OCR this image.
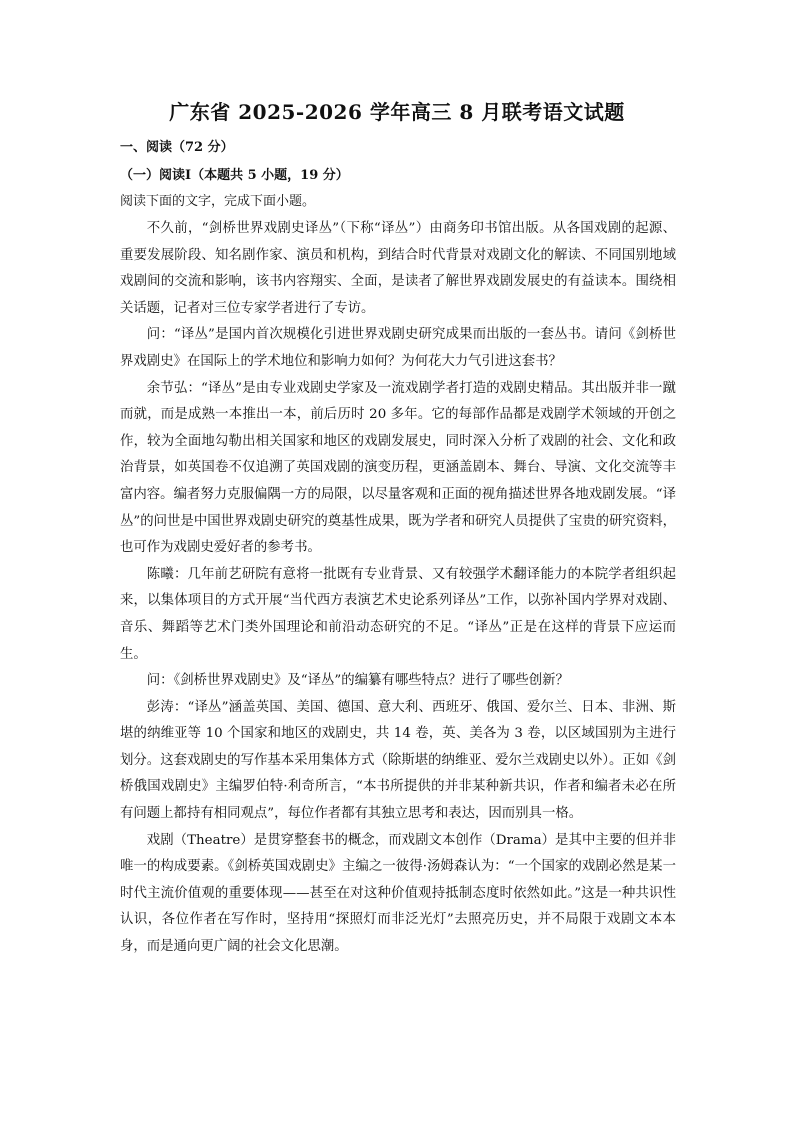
广东省 2025-2026 学年高三 8 月联考语文试题
一、阅读（72 分）
（一）阅读Ⅰ（本题共 5 小题，19 分）
阅读下面的文字，完成下面小题。

不久前，“剑桥世界戏剧史译丛”（下称“译丛”）由商务印书馆出版。从各国戏剧的起源、重要发展阶段、知名剧作家、演员和机构，到结合时代背景对戏剧文化的解读、不同国别地域戏剧间的交流和影响，该书内容翔实、全面，是读者了解世界戏剧发展史的有益读本。围绕相关话题，记者对三位专家学者进行了专访。

问：“译丛”是国内首次规模化引进世界戏剧史研究成果而出版的一套丛书。请问《剑桥世界戏剧史》在国际上的学术地位和影响力如何？为何花大力气引进这套书？

余节弘：“译丛”是由专业戏剧史学家及一流戏剧学者打造的戏剧史精品。其出版并非一蹴而就，而是成熟一本推出一本，前后历时 20 多年。它的每部作品都是戏剧学术领域的开创之作，较为全面地勾勒出相关国家和地区的戏剧发展史，同时深入分析了戏剧的社会、文化和政治背景，如英国卷不仅追溯了英国戏剧的演变历程，更涵盖剧本、舞台、导演、文化交流等丰富内容。编者努力克服偏隅一方的局限，以尽量客观和正面的视角描述世界各地戏剧发展。“译丛”的问世是中国世界戏剧史研究的奠基性成果，既为学者和研究人员提供了宝贵的研究资料，也可作为戏剧史爱好者的参考书。

陈曦：几年前艺研院有意将一批既有专业背景、又有较强学术翻译能力的本院学者组织起来，以集体项目的方式开展“当代西方表演艺术史论系列译丛”工作，以弥补国内学界对戏剧、音乐、舞蹈等艺术门类外国理论和前沿动态研究的不足。“译丛”正是在这样的背景下应运而生。

问：《剑桥世界戏剧史》及“译丛”的编纂有哪些特点？进行了哪些创新？

彭涛：“译丛”涵盖英国、美国、德国、意大利、西班牙、俄国、爱尔兰、日本、非洲、斯堪的纳维亚等 10 个国家和地区的戏剧史，共 14 卷，英、美各为 3 卷，以区域国别为主进行划分。这套戏剧史的写作基本采用集体方式（除斯堪的纳维亚、爱尔兰戏剧史以外）。正如《剑桥俄国戏剧史》主编罗伯特·利奇所言，“本书所提供的并非某种新共识，作者和编者未必在所有问题上都持有相同观点”，每位作者都有其独立思考和表达，因而别具一格。

戏剧（Theatre）是贯穿整套书的概念，而戏剧文本创作（Drama）是其中主要的但并非唯一的构成要素。《剑桥英国戏剧史》主编之一彼得·汤姆森认为：“一个国家的戏剧必然是某一时代主流价值观的重要体现——甚至在对这种价值观持抵制态度时依然如此。”这是一种共识性认识，各位作者在写作时，坚持用“探照灯而非泛光灯”去照亮历史，并不局限于戏剧文本本身，而是通向更广阔的社会文化思潮。
